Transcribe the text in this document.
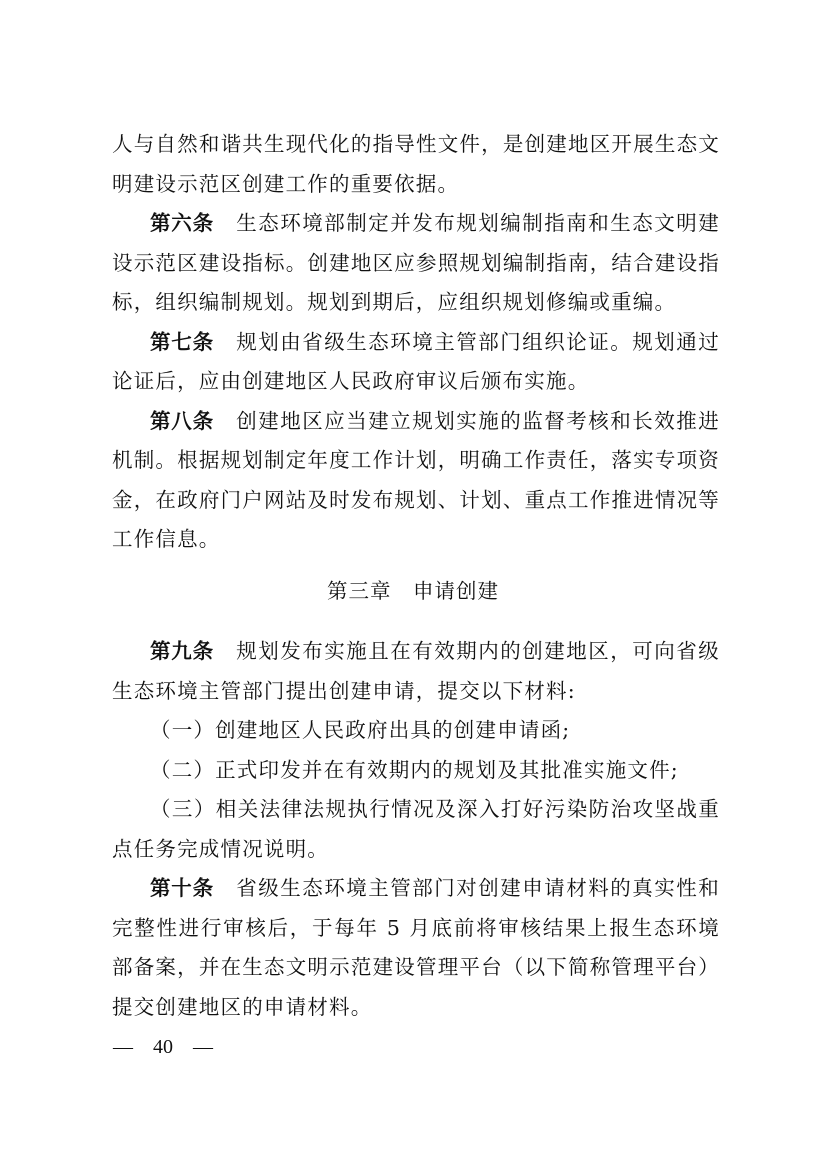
人与自然和谐共生现代化的指导性文件，是创建地区开展生态文明建设示范区创建工作的重要依据。

第六条 生态环境部制定并发布规划编制指南和生态文明建设示范区建设指标。创建地区应参照规划编制指南，结合建设指标，组织编制规划。规划到期后，应组织规划修编或重编。

第七条 规划由省级生态环境主管部门组织论证。规划通过论证后，应由创建地区人民政府审议后颁布实施。

第八条 创建地区应当建立规划实施的监督考核和长效推进机制。根据规划制定年度工作计划，明确工作责任，落实专项资金，在政府门户网站及时发布规划、计划、重点工作推进情况等工作信息。

第三章　申请创建

第九条 规划发布实施且在有效期内的创建地区，可向省级生态环境主管部门提出创建申请，提交以下材料:

（一）创建地区人民政府出具的创建申请函;

（二）正式印发并在有效期内的规划及其批准实施文件;

（三）相关法律法规执行情况及深入打好污染防治攻坚战重点任务完成情况说明。

第十条 省级生态环境主管部门对创建申请材料的真实性和完整性进行审核后，于每年 5 月底前将审核结果上报生态环境部备案，并在生态文明示范建设管理平台（以下简称管理平台）提交创建地区的申请材料。

—　40　—
